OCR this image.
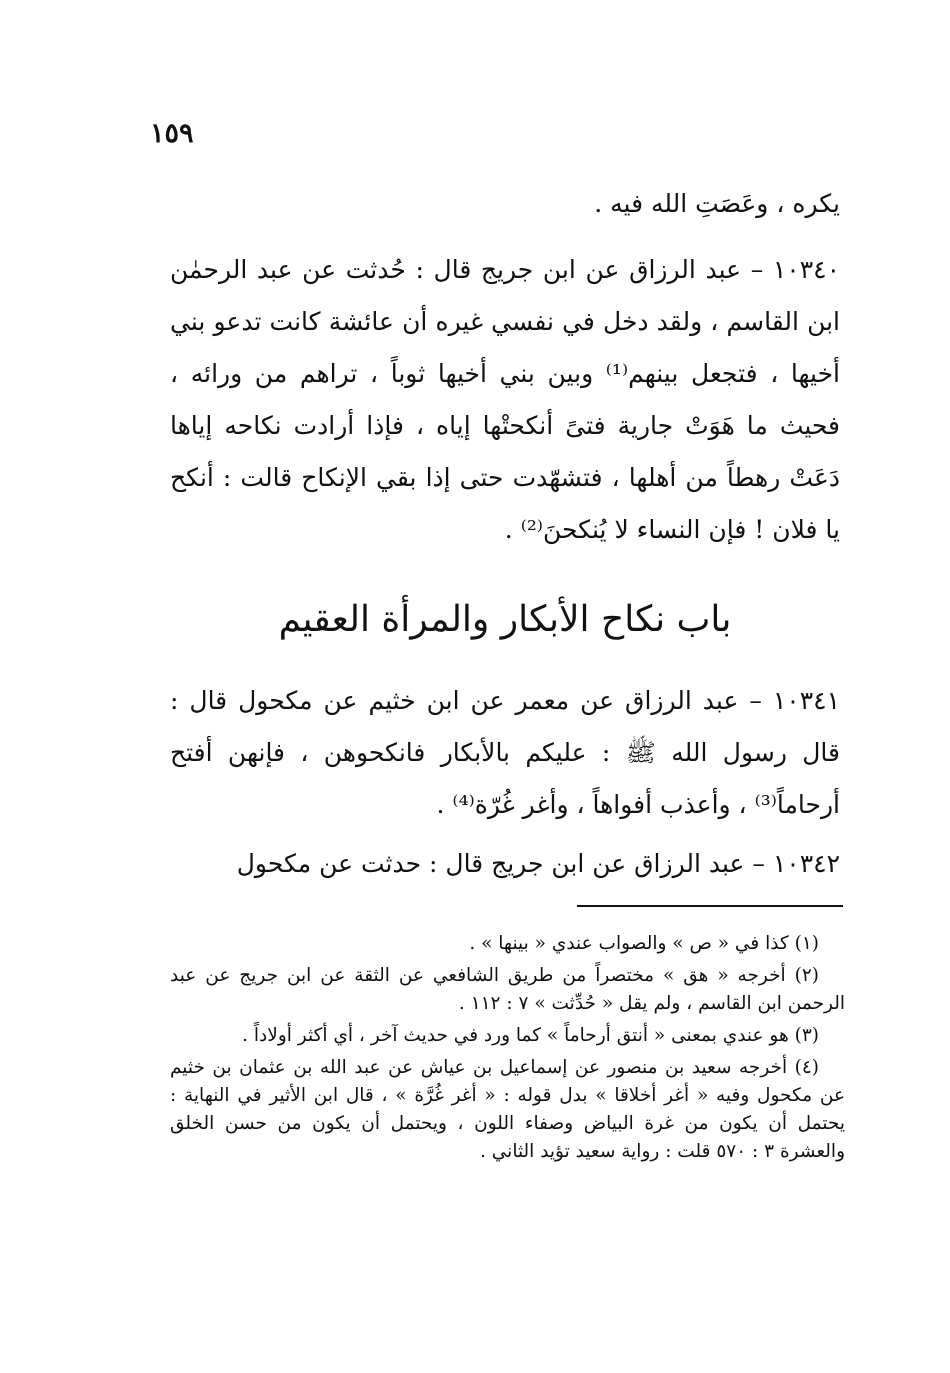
١٥٩

يكره ، وعَصَتِ الله فيه .

١٠٣٤٠ – عبد الرزاق عن ابن جريج قال : حُدثت عن عبد الرحمٰن ابن القاسم ، ولقد دخل في نفسي غيره أن عائشة كانت تدعو بني أخيها ، فتجعل بينهم⁽¹⁾ وبين بني أخيها ثوباً ، تراهم من ورائه ، فحيث ما هَوَتْ جارية فتىً أنكحتْها إياه ، فإذا أرادت نكاحه إياها دَعَتْ رهطاً من أهلها ، فتشهّدت حتى إذا بقي الإنكاح قالت : أنكح يا فلان ! فإن النساء لا يُنكحنَ⁽²⁾ .

باب نكاح الأبكار والمرأة العقيم

١٠٣٤١ – عبد الرزاق عن معمر عن ابن خثيم عن مكحول قال : قال رسول الله ﷺ : عليكم بالأبكار فانكحوهن ، فإنهن أفتح أرحاماً⁽³⁾ ، وأعذب أفواهاً ، وأغر غُرّة⁽⁴⁾ .

١٠٣٤٢ – عبد الرزاق عن ابن جريج قال : حدثت عن مكحول

(١) كذا في « ص » والصواب عندي « بينها » .

(٢) أخرجه « هق » مختصراً من طريق الشافعي عن الثقة عن ابن جريج عن عبد الرحمن ابن القاسم ، ولم يقل « حُدِّثت » ٧ : ١١٢ .

(٣) هو عندي بمعنى « أنتق أرحاماً » كما ورد في حديث آخر ، أي أكثر أولاداً .

(٤) أخرجه سعيد بن منصور عن إسماعيل بن عياش عن عبد الله بن عثمان بن خثيم عن مكحول وفيه « أغر أخلاقا » بدل قوله : « أغر غُرَّة » ، قال ابن الأثير في النهاية : يحتمل أن يكون من غرة البياض وصفاء اللون ، ويحتمل أن يكون من حسن الخلق والعشرة ٣ : ٥٧٠ قلت : رواية سعيد تؤيد الثاني .
